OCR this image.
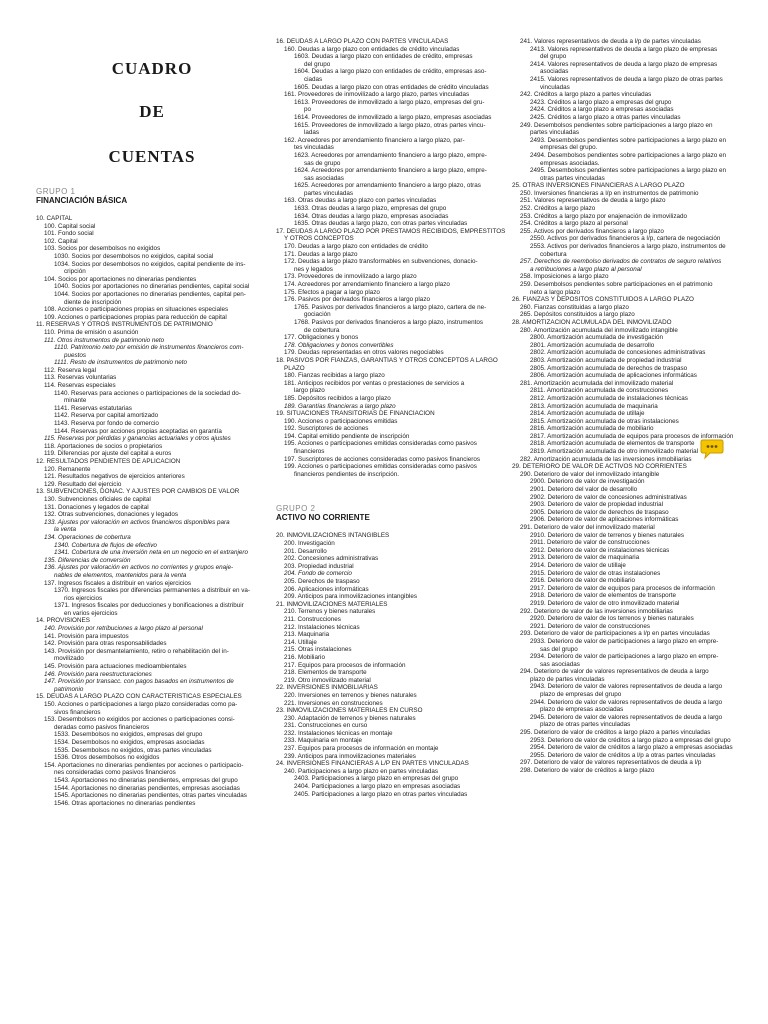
CUADRO
DE
CUENTAS
GRUPO 1
FINANCIACIÓN BÁSICA
10. CAPITAL
100. Capital social
101. Fondo social
102. Capital
103. Socios por desembolsos no exigidos
1030. Socios por desembolsos no exigidos, capital social
1034. Socios por desembolsos no exigidos, capital pendiente de ins-
cripción
104. Socios por aportaciones no dinerarias pendientes
1040. Socios por aportaciones no dinerarias pendientes, capital social
1044. Socios por aportaciones no dinerarias pendientes, capital pen-
diente de inscripción
108. Acciones o participaciones propias en situaciones especiales
109. Acciones o participaciones propias para reducción de capital
11. RESERVAS Y OTROS INSTRUMENTOS DE PATRIMONIO
110. Prima de emisión o asunción
111. Otros instrumentos de patrimonio neto
1110. Patrimonio neto por emisión de instrumentos financieros com-
puestos
1111. Resto de instrumentos de patrimonio neto
112. Reserva legal
113. Reservas voluntarias
114. Reservas especiales
1140. Reservas para acciones o participaciones de la sociedad do-
minante
1141. Reservas estatutarias
1142. Reserva por capital amortizado
1143. Reserva por fondo de comercio
1144. Reservas por acciones propias aceptadas en garantía
115. Reservas por pérdidas y ganancias actuariales y otros ajustes
118. Aportaciones de socios o propietarios
119. Diferencias por ajuste del capital a euros
12. RESULTADOS PENDIENTES DE APLICACIÓN
120. Remanente
121. Resultados negativos de ejercicios anteriores
129. Resultado del ejercicio
13. SUBVENCIONES, DONAC. Y AJUSTES POR CAMBIOS DE VALOR
130. Subvenciones oficiales de capital
131. Donaciones y legados de capital
132. Otras subvenciones, donaciones y legados
133. Ajustes por valoración en activos financieros disponibles para
la venta
134. Operaciones de cobertura
1340. Cobertura de flujos de efectivo
1341. Cobertura de una inversión neta en un negocio en el extranjero
135. Diferencias de conversión
136. Ajustes por valoración en activos no corrientes y grupos enaje-
nables de elementos, mantenidos para la venta
137. Ingresos fiscales a distribuir en varios ejercicios
1370. Ingresos fiscales por diferencias permanentes a distribuir en va-
rios ejercicios
1371. Ingresos fiscales por deducciones y bonificaciones a distribuir
en varios ejercicios
14. PROVISIONES
140. Provisión por retribuciones a largo plazo al personal
141. Provisión para impuestos
142. Provisión para otras responsabilidades
143. Provisión por desmantelamiento, retiro o rehabilitación del in-
movilizado
145. Provisión para actuaciones medioambientales
146. Provisión para reestructuraciones
147. Provisión por transacc. con pagos basados en instrumentos de
patrimonio
15. DEUDAS A LARGO PLAZO CON CARACTERÍSTICAS ESPECIALES
150. Acciones o participaciones a largo plazo consideradas como pa-
sivos financieros
153. Desembolsos no exigidos por acciones o participaciones consi-
deradas como pasivos financieros
1533. Desembolsos no exigidos, empresas del grupo
1534. Desembolsos no exigidos, empresas asociadas
1535. Desembolsos no exigidos, otras partes vinculadas
1536. Otros desembolsos no exigidos
154. Aportaciones no dinerarias pendientes por acciones o participacio-
nes consideradas como pasivos financieros
1543. Aportaciones no dinerarias pendientes, empresas del grupo
1544. Aportaciones no dinerarias pendientes, empresas asociadas
1545. Aportaciones no dinerarias pendientes, otras partes vinculadas
1546. Otras aportaciones no dinerarias pendientes
16. DEUDAS A LARGO PLAZO CON PARTES VINCULADAS
160. Deudas a largo plazo con entidades de crédito vinculadas
1603. Deudas a largo plazo con entidades de crédito, empresas
del grupo
1604. Deudas a largo plazo con entidades de crédito, empresas aso-
ciadas
1605. Deudas a largo plazo con otras entidades de crédito vinculadas
161. Proveedores de inmovilizado a largo plazo, partes vinculadas
1613. Proveedores de inmovilizado a largo plazo, empresas del gru-
po
1614. Proveedores de inmovilizado a largo plazo, empresas asociadas
1615. Proveedores de inmovilizado a largo plazo, otras partes vincu-
ladas
162. Acreedores por arrendamiento financiero a largo plazo, par-
tes vinculadas
1623. Acreedores por arrendamiento financiero a largo plazo, empre-
sas de grupo
1624. Acreedores por arrendamiento financiero a largo plazo, empre-
sas asociadas
1625. Acreedores por arrendamiento financiero a largo plazo, otras
partes vinculadas
163. Otras deudas a largo plazo con partes vinculadas
1633. Otras deudas a largo plazo, empresas del grupo
1634. Otras deudas a largo plazo, empresas asociadas
1635. Otras deudas a largo plazo, con otras partes vinculadas
17. DEUDAS A LARGO PLAZO POR PRÉSTAMOS RECIBIDOS, EMPRÉSTITOS
Y OTROS CONCEPTOS
170. Deudas a largo plazo con entidades de crédito
171. Deudas a largo plazo
172. Deudas a largo plazo transformables en subvenciones, donacio-
nes y legados
173. Proveedores de inmovilizado a largo plazo
174. Acreedores por arrendamiento financiero a largo plazo
175. Efectos a pagar a largo plazo
176. Pasivos por derivados financieros a largo plazo
1765. Pasivos por derivados financieros a largo plazo, cartera de ne-
gociación
1768. Pasivos por derivados financieros a largo plazo, instrumentos
de cobertura
177. Obligaciones y bonos
178. Obligaciones y bonos convertibles
179. Deudas representadas en otros valores negociables
18. PASIVOS POR FIANZAS, GARANTÍAS Y OTROS CONCEPTOS A LARGO
PLAZO
180. Fianzas recibidas a largo plazo
181. Anticipos recibidos por ventas o prestaciones de servicios a
largo plazo
185. Depósitos recibidos a largo plazo
189. Garantías financieras a largo plazo
19. SITUACIONES TRANSITORIAS DE FINANCIACIÓN
190. Acciones o participaciones emitidas
192. Suscriptores de acciones
194. Capital emitido pendiente de inscripción
195. Acciones o participaciones emitidas consideradas como pasivos
financieros
197. Suscriptores de acciones consideradas como pasivos financieros
199. Acciones o participaciones emitidas consideradas como pasivos
financieros pendientes de inscripción.
GRUPO 2
ACTIVO NO CORRIENTE
20. INMOVILIZACIONES INTANGIBLES
200. Investigación
201. Desarrollo
202. Concesiones administrativas
203. Propiedad industrial
204. Fondo de comercio
205. Derechos de traspaso
206. Aplicaciones informáticas
209. Anticipos para inmovilizaciones intangibles
21. INMOVILIZACIONES MATERIALES
210. Terrenos y bienes naturales
211. Construcciones
212. Instalaciones técnicas
213. Maquinaria
214. Utillaje
215. Otras instalaciones
216. Mobiliario
217. Equipos para procesos de información
218. Elementos de transporte
219. Otro inmovilizado material
22. INVERSIONES INMOBILIARIAS
220. Inversiones en terrenos y bienes naturales
221. Inversiones en construcciones
23. INMOVILIZACIONES MATERIALES EN CURSO
230. Adaptación de terrenos y bienes naturales
231. Construcciones en curso
232. Instalaciones técnicas en montaje
233. Maquinaria en montaje
237. Equipos para procesos de información en montaje
239. Anticipos para inmovilizaciones materiales
24. INVERSIONES FINANCIERAS A L/P EN PARTES VINCULADAS
240. Participaciones a largo plazo en partes vinculadas
2403. Participaciones a largo plazo en empresas del grupo
2404. Participaciones a largo plazo en empresas asociadas
2405. Participaciones a largo plazo en otras partes vinculadas
241. Valores representativos de deuda a l/p de partes vinculadas
2413. Valores representativos de deuda a largo plazo de empresas
del grupo
2414. Valores representativos de deuda a largo plazo de empresas
asociadas
2415. Valores representativos de deuda a largo plazo de otras partes
vinculadas
242. Créditos a largo plazo a partes vinculadas
2423. Créditos a largo plazo a empresas del grupo
2424. Créditos a largo plazo a empresas asociadas
2425. Créditos a largo plazo a otras partes vinculadas
249. Desembolsos pendientes sobre participaciones a largo plazo en
partes vinculadas
2493. Desembolsos pendientes sobre participaciones a largo plazo en
empresas del grupo.
2494. Desembolsos pendientes sobre participaciones a largo plazo en
empresas asociadas.
2495. Desembolsos pendientes sobre participaciones a largo plazo en
otras partes vinculadas
25. OTRAS INVERSIONES FINANCIERAS A LARGO PLAZO
250. Inversiones financieras a l/p en instrumentos de patrimonio
251. Valores representativos de deuda a largo plazo
252. Créditos a largo plazo
253. Créditos a largo plazo por enajenación de inmovilizado
254. Créditos a largo plazo al personal
255. Activos por derivados financieros a largo plazo
2550. Activos por derivados financieros a l/p, cartera de negociación
2553. Activos por derivados financieros a largo plazo, instrumentos de
cobertura
257. Derechos de reembolso derivados de contratos de seguro relativos
a retribuciones a largo plazo al personal
258. Imposiciones a largo plazo
259. Desembolsos pendientes sobre participaciones en el patrimonio
neto a largo plazo
26. FIANZAS Y DEPÓSITOS CONSTITUIDOS A LARGO PLAZO
260. Fianzas constituidas a largo plazo
265. Depósitos constituidos a largo plazo
28. AMORTIZACIÓN ACUMULADA DEL INMOVILIZADO
280. Amortización acumulada del inmovilizado intangible
2800. Amortización acumulada de investigación
2801. Amortización acumulada de desarrollo
2802. Amortización acumulada de concesiones administrativas
2803. Amortización acumulada de propiedad industrial
2805. Amortización acumulada de derechos de traspaso
2806. Amortización acumulada de aplicaciones informáticas
281. Amortización acumulada del inmovilizado material
2811. Amortización acumulada de construcciones
2812. Amortización acumulada de instalaciones técnicas
2813. Amortización acumulada de maquinaria
2814. Amortización acumulada de utillaje
2815. Amortización acumulada de otras instalaciones
2816. Amortización acumulada de mobiliario
2817. Amortización acumulada de equipos para procesos de información
2818. Amortización acumulada de elementos de transporte
2819. Amortización acumulada de otro inmovilizado material
282. Amortización acumulada de las inversiones inmobiliarias
29. DETERIORO DE VALOR DE ACTIVOS NO CORRIENTES
290. Deterioro de valor del inmovilizado intangible
2900. Deterioro de valor de investigación
2901. Deterioro del valor de desarrollo
2902. Deterioro de valor de concesiones administrativas
2903. Deterioro de valor de propiedad industrial
2905. Deterioro de valor de derechos de traspaso
2906. Deterioro de valor de aplicaciones informáticas
291. Deterioro de valor del inmovilizado material
2910. Deterioro de valor de terrenos y bienes naturales
2911. Deterioro de valor de construcciones
2912. Deterioro de valor de instalaciones técnicas
2913. Deterioro de valor de maquinaria
2914. Deterioro de valor de utillaje
2915. Deterioro de valor de otras instalaciones
2916. Deterioro de valor de mobiliario
2917. Deterioro de valor de equipos para procesos de información
2918. Deterioro de valor de elementos de transporte
2919. Deterioro de valor de otro inmovilizado material
292. Deterioro de valor de las inversiones inmobiliarias
2920. Deterioro de valor de los terrenos y bienes naturales
2921. Deterioro de valor de construcciones
293. Deterioro de valor de participaciones a l/p en partes vinculadas
2933. Deterioro de valor de participaciones a largo plazo en empre-
sas del grupo
2934. Deterioro de valor de participaciones a largo plazo en empre-
sas asociadas
294. Deterioro de valor de valores representativos de deuda a largo
plazo de partes vinculadas
2943. Deterioro de valor de valores representativos de deuda a largo
plazo de empresas del grupo
2944. Deterioro de valor de valores representativos de deuda a largo
plazo de empresas asociadas
2945. Deterioro de valor de valores representativos de deuda a largo
plazo de otras partes vinculadas
295. Deterioro de valor de créditos a largo plazo a partes vinculadas
2953. Deterioro de valor de créditos a largo plazo a empresas del grupo
2954. Deterioro de valor de créditos a largo plazo a empresas asociadas
2955. Deterioro de valor de créditos a l/p a otras partes vinculadas
297. Deterioro de valor de valores representativos de deuda a l/p
298. Deterioro de valor de créditos a largo plazo
